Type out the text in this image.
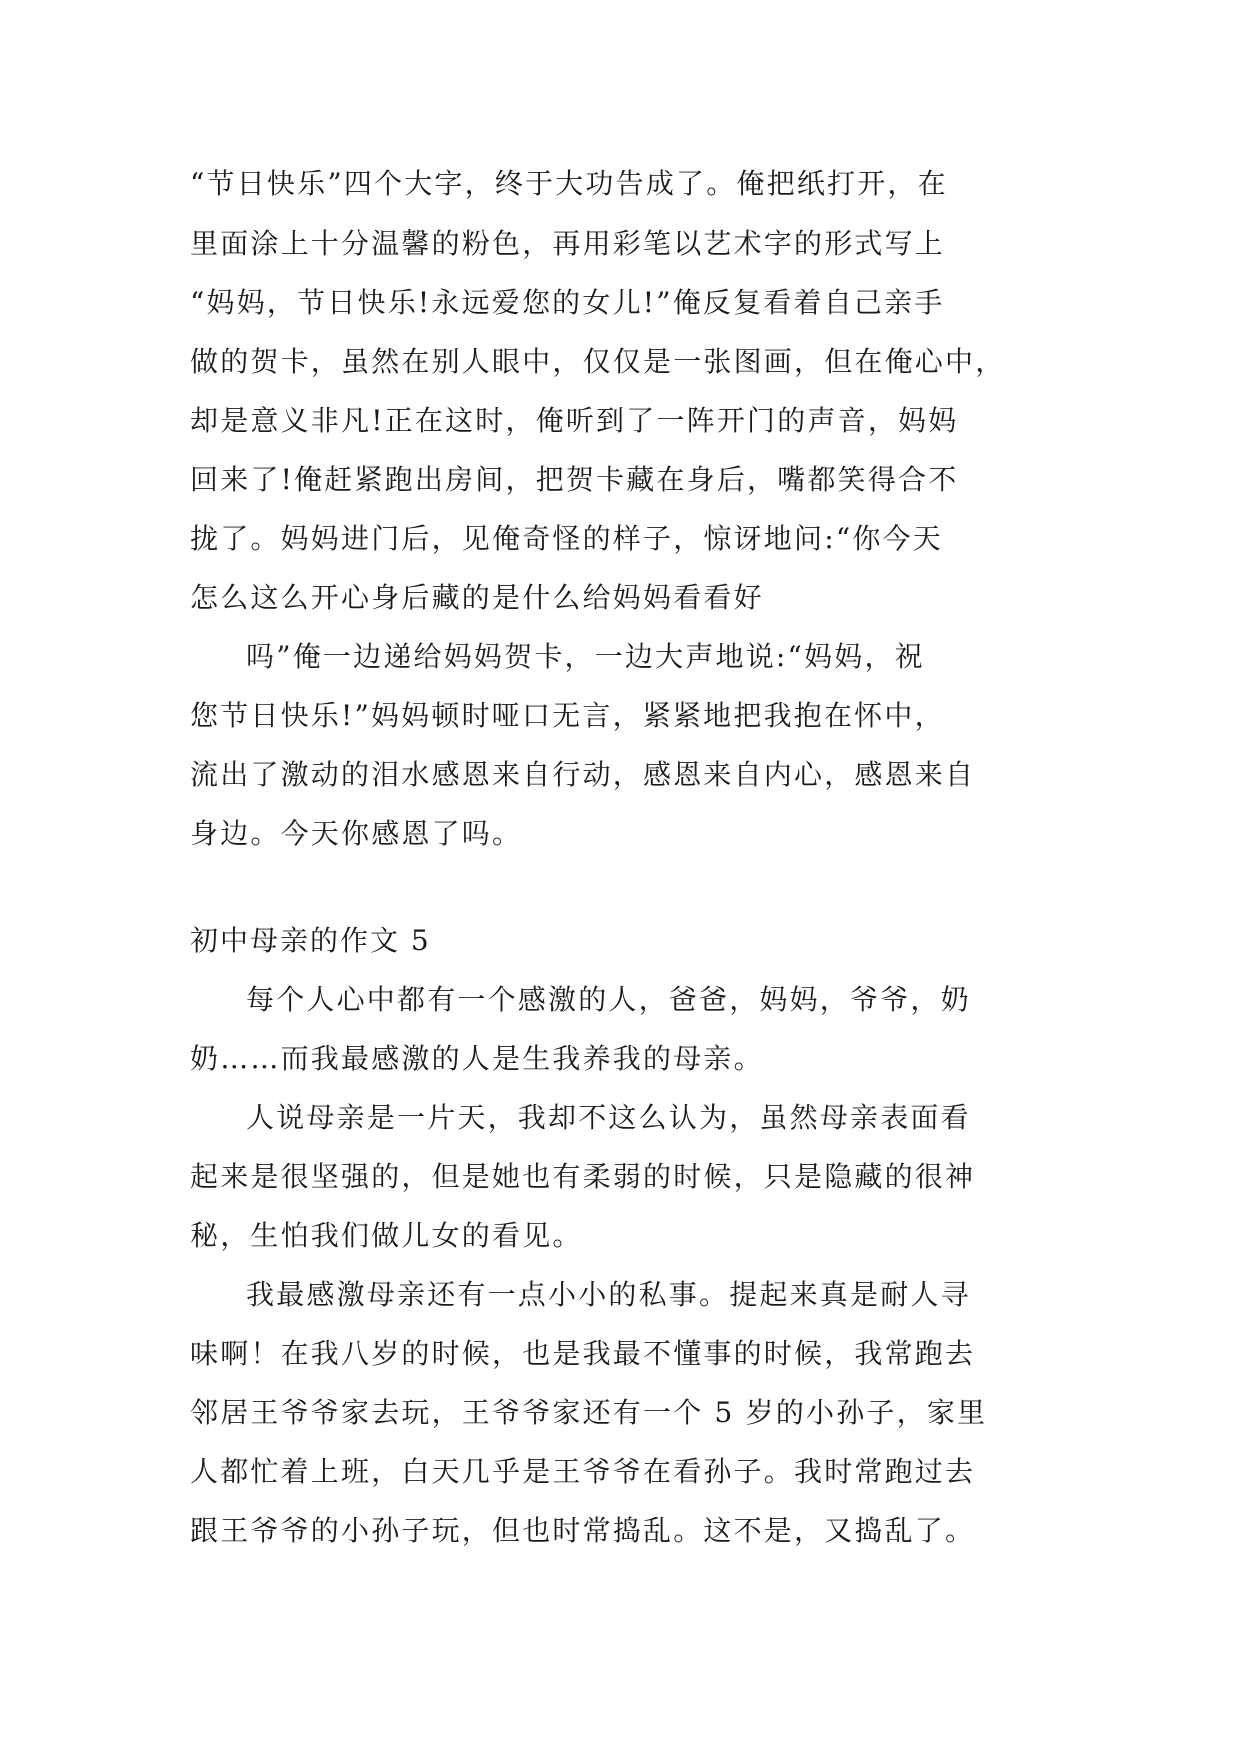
“节日快乐”四个大字，终于大功告成了。俺把纸打开，在
里面涂上十分温馨的粉色，再用彩笔以艺术字的形式写上
“妈妈，节日快乐!永远爱您的女儿!”俺反复看着自己亲手
做的贺卡，虽然在别人眼中，仅仅是一张图画，但在俺心中，
却是意义非凡!正在这时，俺听到了一阵开门的声音，妈妈
回来了!俺赶紧跑出房间，把贺卡藏在身后，嘴都笑得合不
拢了。妈妈进门后，见俺奇怪的样子，惊讶地问:“你今天
怎么这么开心身后藏的是什么给妈妈看看好
吗”俺一边递给妈妈贺卡，一边大声地说:“妈妈，祝
您节日快乐!”妈妈顿时哑口无言，紧紧地把我抱在怀中，
流出了激动的泪水感恩来自行动，感恩来自内心，感恩来自
身边。今天你感恩了吗。
初中母亲的作文 5
每个人心中都有一个感激的人，爸爸，妈妈，爷爷，奶
奶……而我最感激的人是生我养我的母亲。
人说母亲是一片天，我却不这么认为，虽然母亲表面看
起来是很坚强的，但是她也有柔弱的时候，只是隐藏的很神
秘，生怕我们做儿女的看见。
我最感激母亲还有一点小小的私事。提起来真是耐人寻
味啊！在我八岁的时候，也是我最不懂事的时候，我常跑去
邻居王爷爷家去玩，王爷爷家还有一个 5 岁的小孙子，家里
人都忙着上班，白天几乎是王爷爷在看孙子。我时常跑过去
跟王爷爷的小孙子玩，但也时常捣乱。这不是，又捣乱了。
